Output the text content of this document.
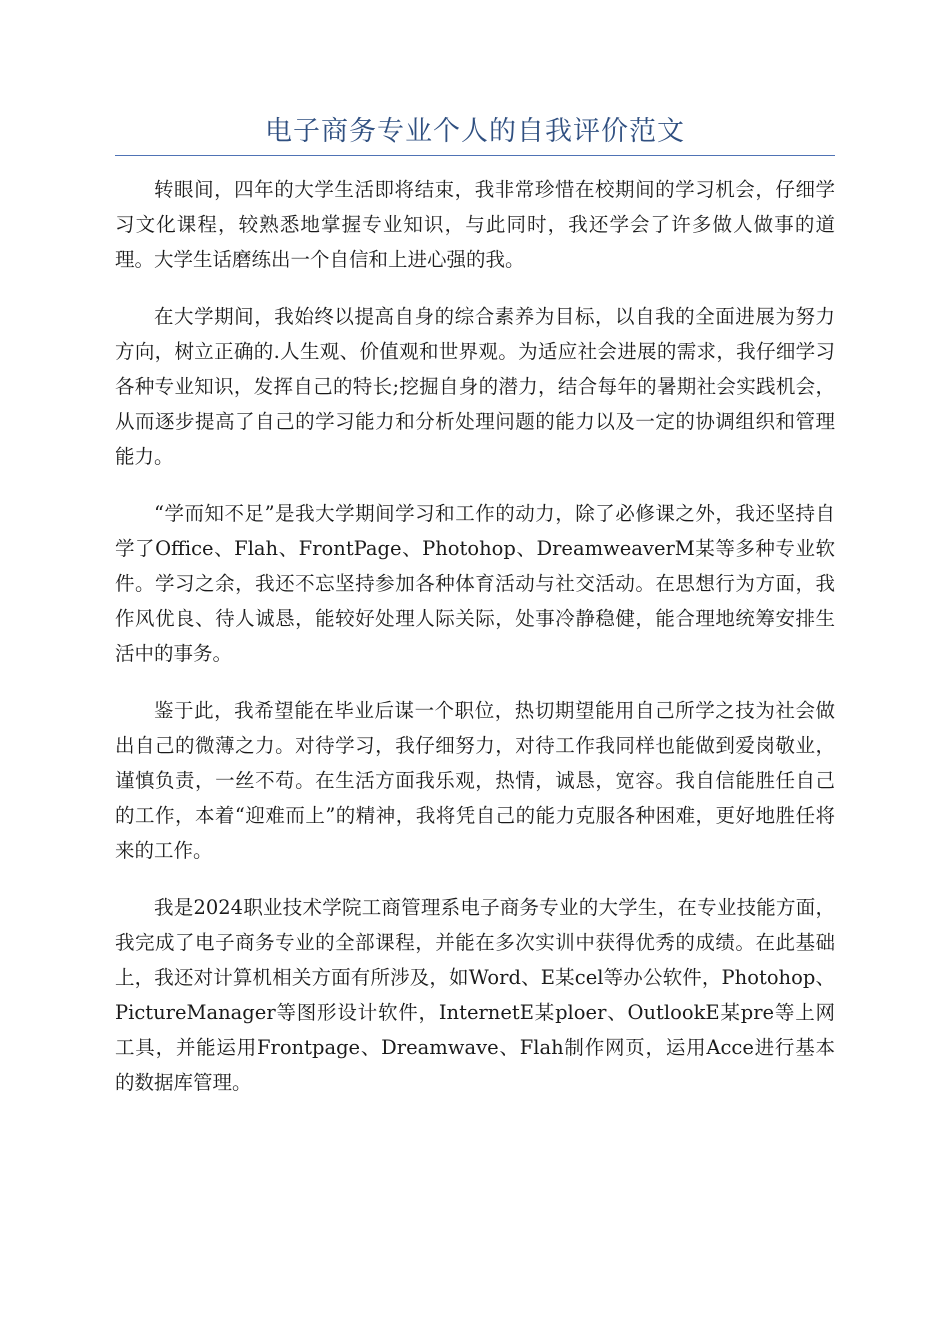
电子商务专业个人的自我评价范文

转眼间，四年的大学生活即将结束，我非常珍惜在校期间的学习机会，仔细学习文化课程，较熟悉地掌握专业知识，与此同时，我还学会了许多做人做事的道理。大学生话磨练出一个自信和上进心强的我。

在大学期间，我始终以提高自身的综合素养为目标，以自我的全面进展为努力方向，树立正确的.人生观、价值观和世界观。为适应社会进展的需求，我仔细学习各种专业知识，发挥自己的特长;挖掘自身的潜力，结合每年的暑期社会实践机会，从而逐步提高了自己的学习能力和分析处理问题的能力以及一定的协调组织和管理能力。

“学而知不足”是我大学期间学习和工作的动力，除了必修课之外，我还坚持自学了Office、Flah、FrontPage、Photohop、DreamweaverM某等多种专业软件。学习之余，我还不忘坚持参加各种体育活动与社交活动。在思想行为方面，我作风优良、待人诚恳，能较好处理人际关际，处事冷静稳健，能合理地统筹安排生活中的事务。

鉴于此，我希望能在毕业后谋一个职位，热切期望能用自己所学之技为社会做出自己的微薄之力。对待学习，我仔细努力，对待工作我同样也能做到爱岗敬业，谨慎负责，一丝不苟。在生活方面我乐观，热情，诚恳，宽容。我自信能胜任自己的工作，本着“迎难而上”的精神，我将凭自己的能力克服各种困难，更好地胜任将来的工作。

我是2024职业技术学院工商管理系电子商务专业的大学生，在专业技能方面，我完成了电子商务专业的全部课程，并能在多次实训中获得优秀的成绩。在此基础上，我还对计算机相关方面有所涉及，如Word、E某cel等办公软件，Photohop、PictureManager等图形设计软件，InternetE某ploer、OutlookE某pre等上网工具，并能运用Frontpage、Dreamwave、Flah制作网页，运用Acce进行基本的数据库管理。
